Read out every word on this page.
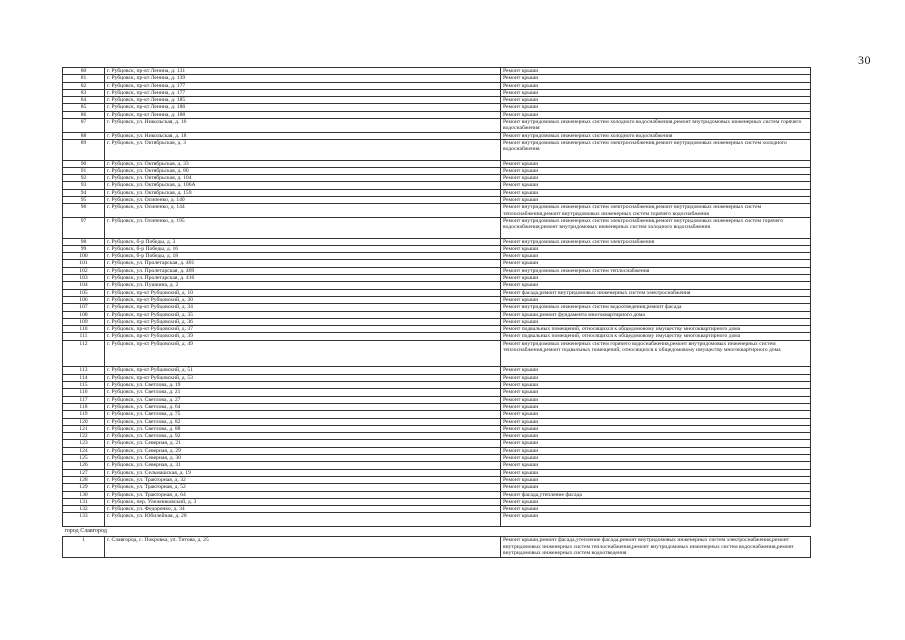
30
80	г. Рубцовск, пр-кт Ленина, д. 131	Ремонт крыши
81	г. Рубцовск, пр-кт Ленина, д. 139	Ремонт крыши
82	г. Рубцовск, пр-кт Ленина, д. 177	Ремонт крыши
83	г. Рубцовск, пр-кт Ленина, д. 177	Ремонт крыши
84	г. Рубцовск, пр-кт Ленина, д. 185	Ремонт крыши
85	г. Рубцовск, пр-кт Ленина, д. 186	Ремонт крыши
86	г. Рубцовск, пр-кт Ленина, д. 188	Ремонт крыши
87	г. Рубцовск, ул. Никольская, д. 16	Ремонт внутридомовых инженерных систем холодного водоснабжения,ремонт внутридомовых инженерных систем горячего водоснабжения
88	г. Рубцовск, ул. Никольская, д. 18	Ремонт внутридомовых инженерных систем холодного водоснабжения
89	г. Рубцовск, ул. Октябрьская, д. 3	Ремонт внутридомовых инженерных систем электроснабжения,ремонт внутридомовых инженерных систем холодного водоснабжения
90	г. Рубцовск, ул. Октябрьская, д. 33	Ремонт крыши
91	г. Рубцовск, ул. Октябрьская, д. 80	Ремонт крыши
92	г. Рубцовск, ул. Октябрьская, д. 104	Ремонт крыши
93	г. Рубцовск, ул. Октябрьская, д. 106А	Ремонт крыши
94	г. Рубцовск, ул. Октябрьская, д. 159	Ремонт крыши
95	г. Рубцовск, ул. Осипенко, д. 140	Ремонт крыши
96	г. Рубцовск, ул. Осипенко, д. 144	Ремонт внутридомовых инженерных систем электроснабжения,ремонт внутридомовых инженерных систем теплоснабжения,ремонт внутридомовых инженерных систем горячего водоснабжения
97	г. Рубцовск, ул. Осипенко, д. 195	Ремонт внутридомовых инженерных систем электроснабжения,ремонт внутридомовых инженерных систем горячего водоснабжения,ремонт внутридомовых инженерных систем холодного водоснабжения
98	г. Рубцовск, б-р Победы, д. 3	Ремонт внутридомовых инженерных систем электроснабжения
99	г. Рубцовск, б-р Победы, д. 16	Ремонт крыши
100	г. Рубцовск, б-р Победы, д. 18	Ремонт крыши
101	г. Рубцовск, ул. Пролетарская, д. 401	Ремонт крыши
102	г. Рубцовск, ул. Пролетарская, д. 409	Ремонт внутридомовых инженерных систем теплоснабжения
103	г. Рубцовск, ул. Пролетарская, д. 416	Ремонт крыши
104	г. Рубцовск, ул. Пушкина, д. 2	Ремонт крыши
105	г. Рубцовск, пр-кт Рубцовский, д. 10	Ремонт фасада,ремонт внутридомовых инженерных систем электроснабжения
106	г. Рубцовск, пр-кт Рубцовский, д. 30	Ремонт крыши
107	г. Рубцовск, пр-кт Рубцовский, д. 34	Ремонт внутридомовых инженерных систем водоотведения,ремонт фасада
108	г. Рубцовск, пр-кт Рубцовский, д. 35	Ремонт крыши,ремонт фундамента многоквартирного дома
109	г. Рубцовск, пр-кт Рубцовский, д. 36	Ремонт крыши
110	г. Рубцовск, пр-кт Рубцовский, д. 37	Ремонт подвальных помещений, относящихся к общедомовому имуществу многоквартирного дома
111	г. Рубцовск, пр-кт Рубцовский, д. 39	Ремонт подвальных помещений, относящихся к общедомовому имуществу многоквартирного дома
112	г. Рубцовск, пр-кт Рубцовский, д. 49	Ремонт внутридомовых инженерных систем горячего водоснабжения,ремонт внутридомовых инженерных систем теплоснабжения,ремонт подвальных помещений, относящихся к общедомовому имуществу многоквартирного дома
113	г. Рубцовск, пр-кт Рубцовский, д. 51	Ремонт крыши
114	г. Рубцовск, пр-кт Рубцовский, д. 53	Ремонт крыши
115	г. Рубцовск, ул. Светлова, д. 19	Ремонт крыши
116	г. Рубцовск, ул. Светлова, д. 21	Ремонт крыши
117	г. Рубцовск, ул. Светлова, д. 27	Ремонт крыши
118	г. Рубцовск, ул. Светлова, д. 64	Ремонт крыши
119	г. Рубцовск, ул. Светлова, д. 75	Ремонт крыши
120	г. Рубцовск, ул. Светлова, д. 82	Ремонт крыши
121	г. Рубцовск, ул. Светлова, д. 88	Ремонт крыши
122	г. Рубцовск, ул. Светлова, д. 92	Ремонт крыши
123	г. Рубцовск, ул. Северная, д. 21	Ремонт крыши
124	г. Рубцовск, ул. Северная, д. 29	Ремонт крыши
125	г. Рубцовск, ул. Северная, д. 30	Ремонт крыши
126	г. Рубцовск, ул. Северная, д. 31	Ремонт крыши
127	г. Рубцовск, ул. Сельмашская, д. 19	Ремонт крыши
128	г. Рубцовск, ул. Тракторная, д. 32	Ремонт крыши
129	г. Рубцовск, ул. Тракторная, д. 52	Ремонт крыши
130	г. Рубцовск, ул. Тракторная, д. 64	Ремонт фасада,утепление фасада
131	г. Рубцовск, пер. Улежниковский, д. 3	Ремонт крыши
132	г. Рубцовск, ул. Федоренко, д. 34	Ремонт крыши
133	г. Рубцовск, ул. Юбилейная, д. 28	Ремонт крыши
город Славгород		
1	г. Славгород, с. Покровка, ул. Титова, д. 25	Ремонт крыши,ремонт фасада,утепление фасада,ремонт внутридомовых инженерных систем электроснабжения,ремонт внутридомовых инженерных систем теплоснабжения,ремонт внутридомовых инженерных систем водоснабжения,ремонт внутридомовых инженерных систем водоотведения
